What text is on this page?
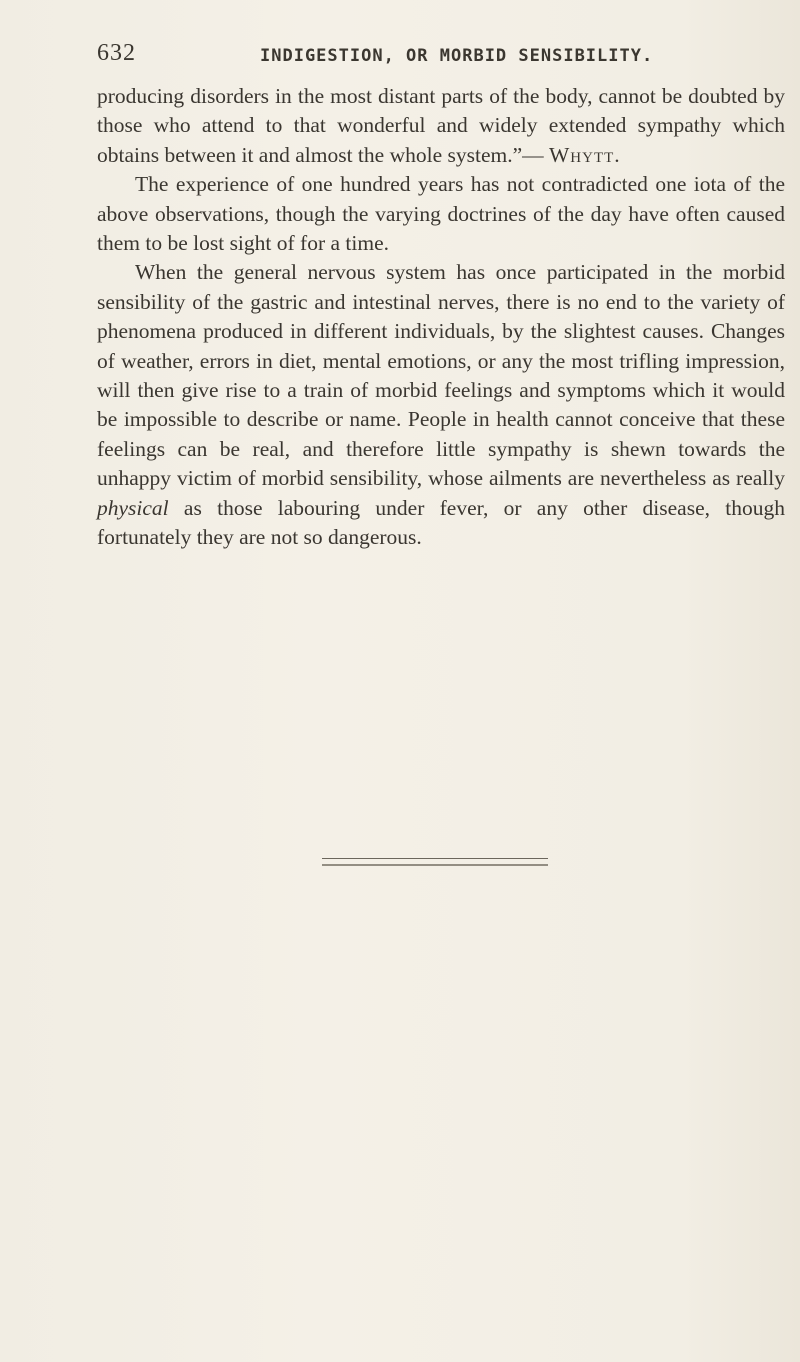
632	INDIGESTION, OR MORBID SENSIBILITY.

producing disorders in the most distant parts of the body, cannot be doubted by those who attend to that wonderful and widely extended sympathy which obtains between it and almost the whole system.”— Whytt.

The experience of one hundred years has not contradicted one iota of the above observations, though the varying doctrines of the day have often caused them to be lost sight of for a time.

When the general nervous system has once participated in the morbid sensibility of the gastric and intestinal nerves, there is no end to the variety of phenomena produced in different individuals, by the slightest causes. Changes of weather, errors in diet, mental emotions, or any the most trifling impression, will then give rise to a train of morbid feelings and symptoms which it would be impossible to describe or name. People in health cannot conceive that these feelings can be real, and therefore little sympathy is shewn towards the unhappy victim of morbid sensibility, whose ailments are nevertheless as really physical as those labouring under fever, or any other disease, though fortunately they are not so dangerous.
